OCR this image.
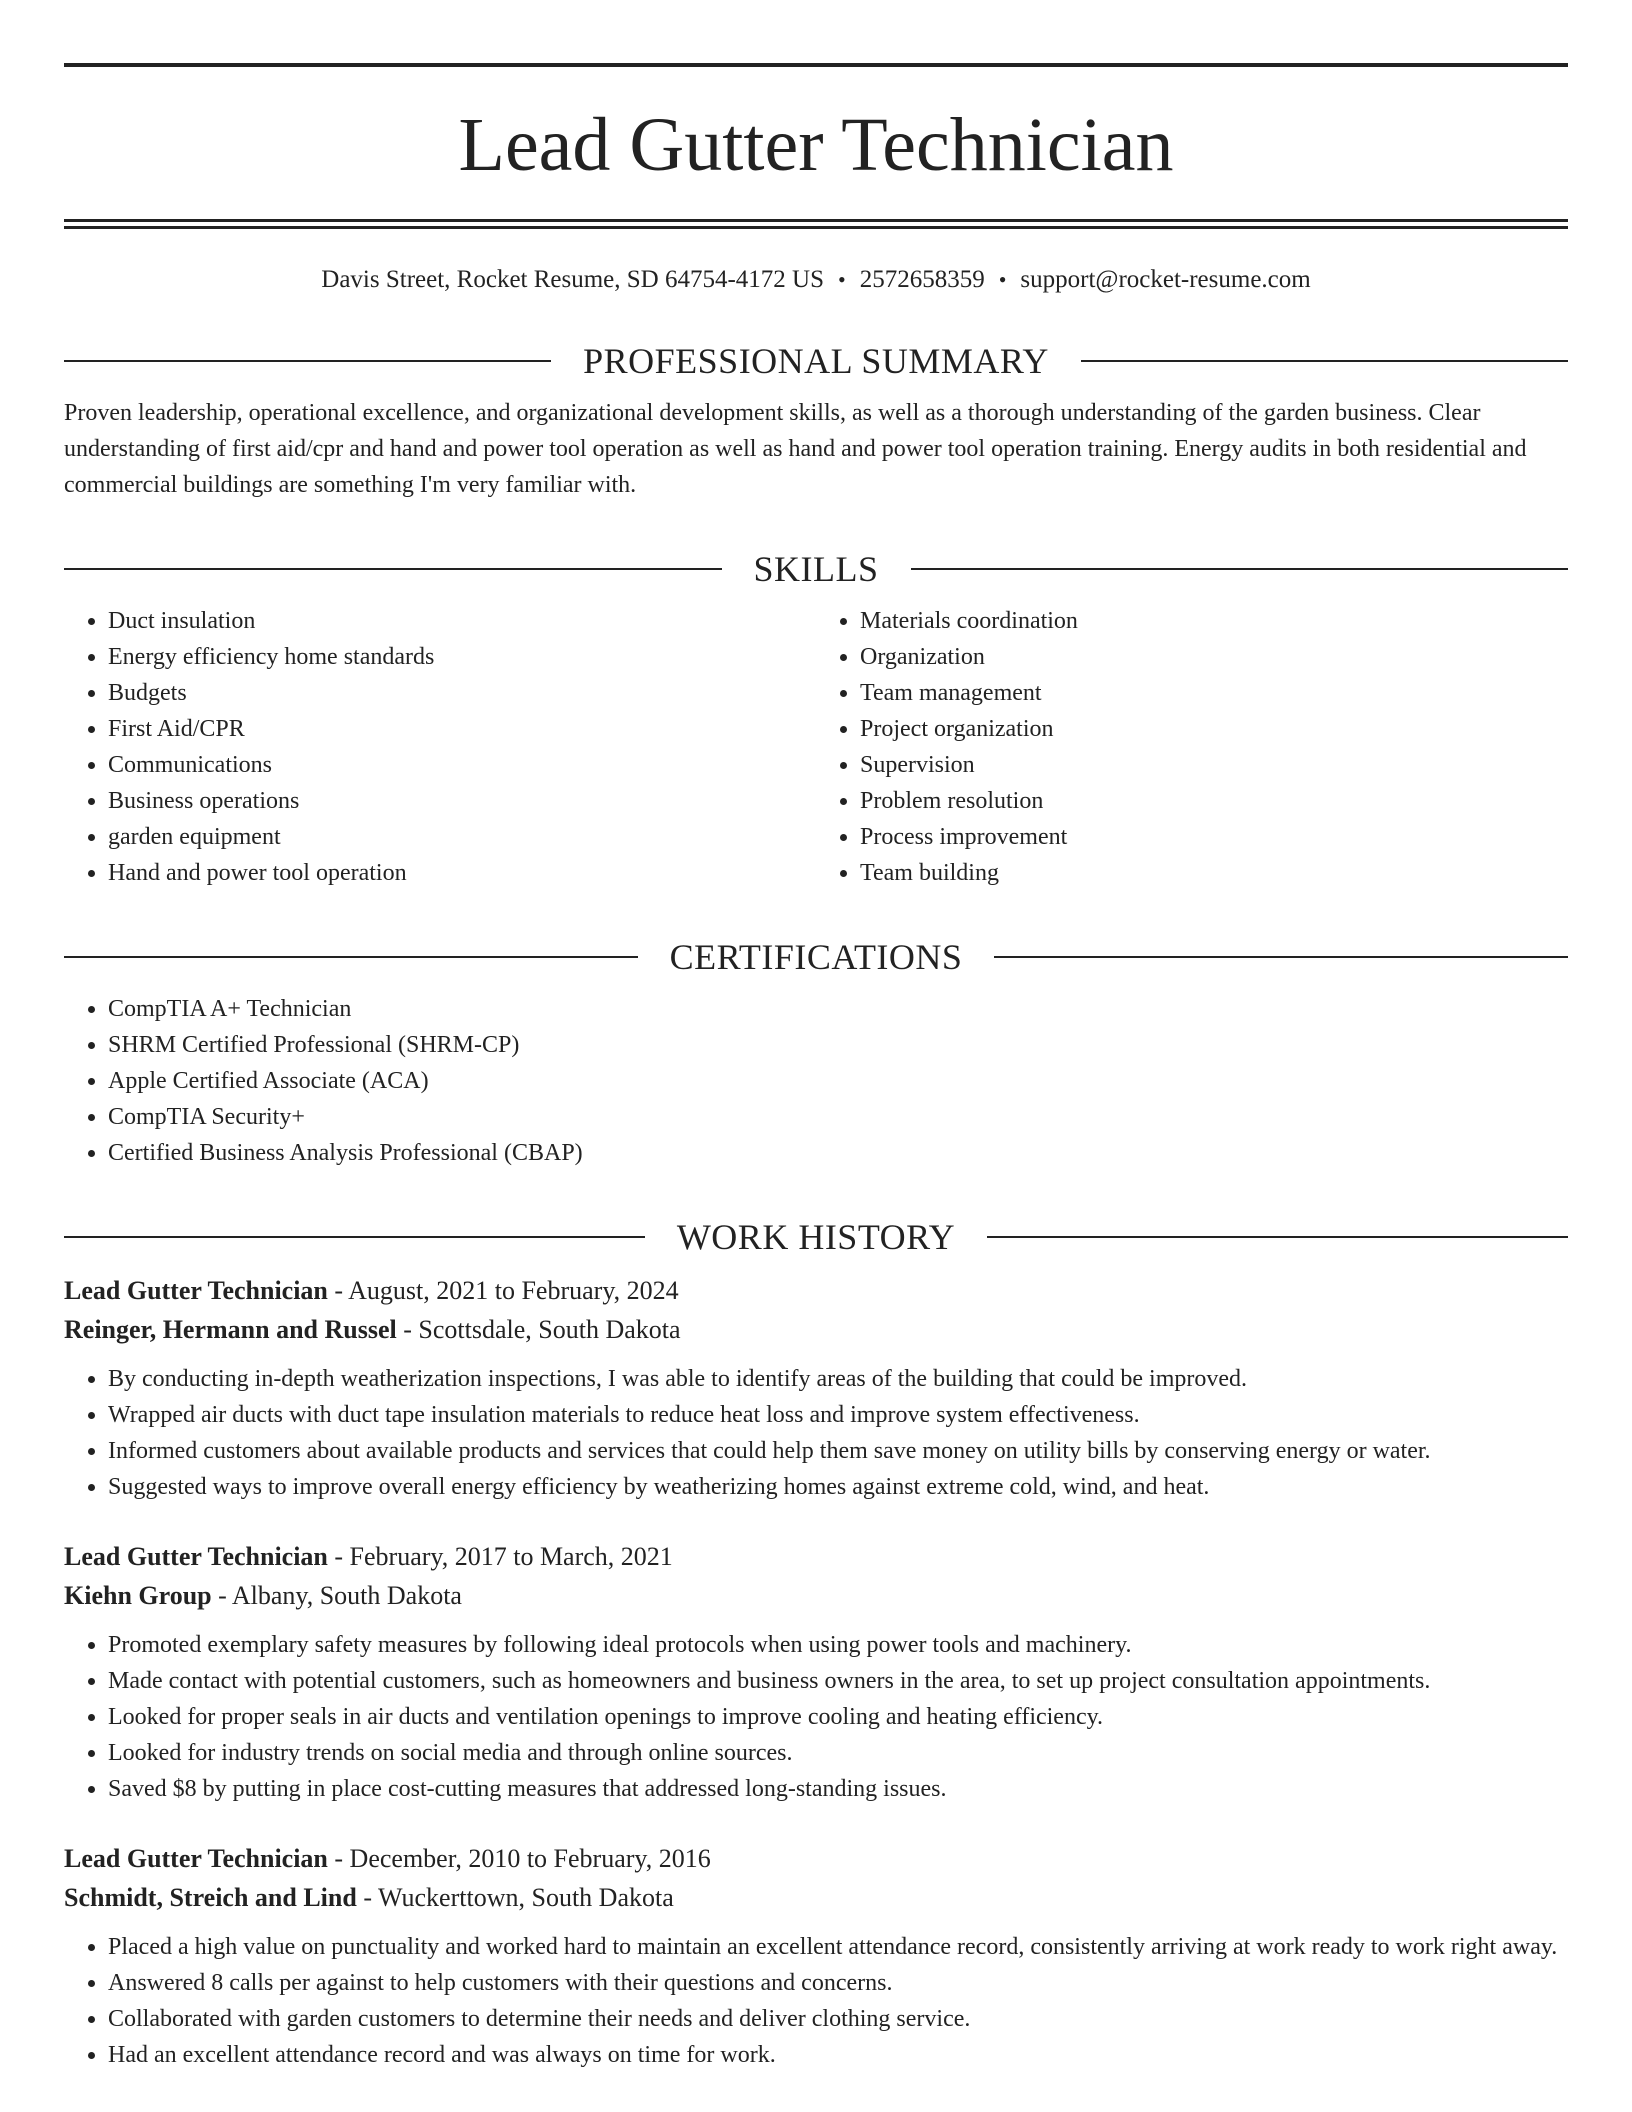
Lead Gutter Technician
Davis Street, Rocket Resume, SD 64754-4172 US • 2572658359 • support@rocket-resume.com
PROFESSIONAL SUMMARY

Proven leadership, operational excellence, and organizational development skills, as well as a thorough understanding of the garden business. Clear understanding of first aid/cpr and hand and power tool operation as well as hand and power tool operation training. Energy audits in both residential and commercial buildings are something I'm very familiar with.

SKILLS
• Duct insulation
• Energy efficiency home standards
• Budgets
• First Aid/CPR
• Communications
• Business operations
• garden equipment
• Hand and power tool operation
• Materials coordination
• Organization
• Team management
• Project organization
• Supervision
• Problem resolution
• Process improvement
• Team building
CERTIFICATIONS
• CompTIA A+ Technician
• SHRM Certified Professional (SHRM-CP)
• Apple Certified Associate (ACA)
• CompTIA Security+
• Certified Business Analysis Professional (CBAP)
WORK HISTORY
Lead Gutter Technician - August, 2021 to February, 2024
Reinger, Hermann and Russel - Scottsdale, South Dakota
• By conducting in-depth weatherization inspections, I was able to identify areas of the building that could be improved.
• Wrapped air ducts with duct tape insulation materials to reduce heat loss and improve system effectiveness.
• Informed customers about available products and services that could help them save money on utility bills by conserving energy or water.
• Suggested ways to improve overall energy efficiency by weatherizing homes against extreme cold, wind, and heat.
Lead Gutter Technician - February, 2017 to March, 2021
Kiehn Group - Albany, South Dakota
• Promoted exemplary safety measures by following ideal protocols when using power tools and machinery.
• Made contact with potential customers, such as homeowners and business owners in the area, to set up project consultation appointments.
• Looked for proper seals in air ducts and ventilation openings to improve cooling and heating efficiency.
• Looked for industry trends on social media and through online sources.
• Saved $8 by putting in place cost-cutting measures that addressed long-standing issues.
Lead Gutter Technician - December, 2010 to February, 2016
Schmidt, Streich and Lind - Wuckerttown, South Dakota
• Placed a high value on punctuality and worked hard to maintain an excellent attendance record, consistently arriving at work ready to work right away.
• Answered 8 calls per against to help customers with their questions and concerns.
• Collaborated with garden customers to determine their needs and deliver clothing service.
• Had an excellent attendance record and was always on time for work.
